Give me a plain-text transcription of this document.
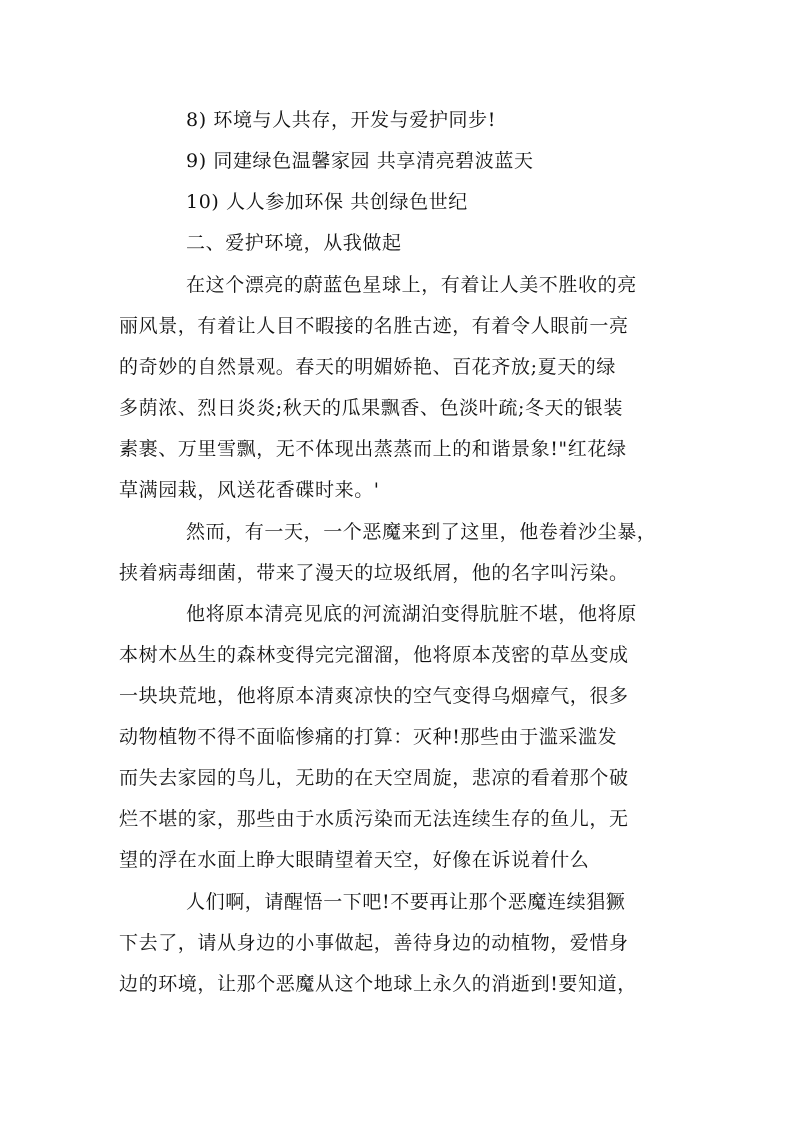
8) 环境与人共存，开发与爱护同步!

9) 同建绿色温馨家园 共享清亮碧波蓝天

10) 人人参加环保 共创绿色世纪

二、爱护环境，从我做起

在这个漂亮的蔚蓝色星球上，有着让人美不胜收的亮

丽风景，有着让人目不暇接的名胜古迹，有着令人眼前一亮

的奇妙的自然景观。春天的明媚娇艳、百花齐放;夏天的绿

多荫浓、烈日炎炎;秋天的瓜果飘香、色淡叶疏;冬天的银装

素裹、万里雪飘，无不体现出蒸蒸而上的和谐景象!"红花绿

草满园栽，风送花香碟时来。'

然而，有一天，一个恶魔来到了这里，他卷着沙尘暴，

挟着病毒细菌，带来了漫天的垃圾纸屑，他的名字叫污染。

他将原本清亮见底的河流湖泊变得肮脏不堪，他将原

本树木丛生的森林变得完完溜溜，他将原本茂密的草丛变成

一块块荒地，他将原本清爽凉快的空气变得乌烟瘴气，很多

动物植物不得不面临惨痛的打算：灭种!那些由于滥采滥发

而失去家园的鸟儿，无助的在天空周旋，悲凉的看着那个破

烂不堪的家，那些由于水质污染而无法连续生存的鱼儿，无

望的浮在水面上睁大眼睛望着天空，好像在诉说着什么

人们啊，请醒悟一下吧!不要再让那个恶魔连续猖獗

下去了，请从身边的小事做起，善待身边的动植物，爱惜身

边的环境，让那个恶魔从这个地球上永久的消逝到!要知道，
